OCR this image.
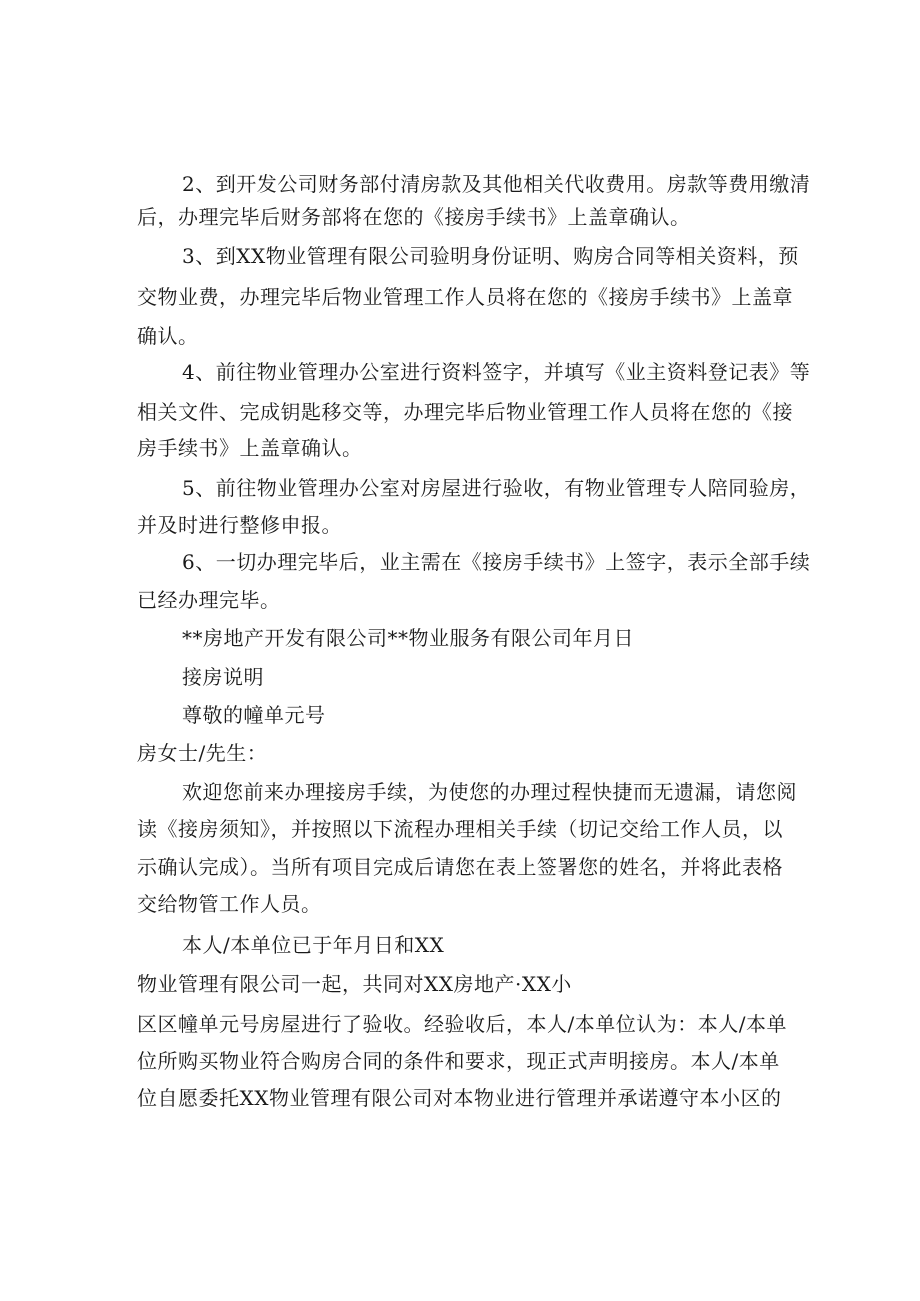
2、到开发公司财务部付清房款及其他相关代收费用。房款等费用缴清
后，办理完毕后财务部将在您的《接房手续书》上盖章确认。
3、到XX物业管理有限公司验明身份证明、购房合同等相关资料，预
交物业费，办理完毕后物业管理工作人员将在您的《接房手续书》上盖章
确认。
4、前往物业管理办公室进行资料签字，并填写《业主资料登记表》等
相关文件、完成钥匙移交等，办理完毕后物业管理工作人员将在您的《接
房手续书》上盖章确认。
5、前往物业管理办公室对房屋进行验收，有物业管理专人陪同验房，
并及时进行整修申报。
6、一切办理完毕后，业主需在《接房手续书》上签字，表示全部手续
已经办理完毕。
**房地产开发有限公司**物业服务有限公司年月日
接房说明
尊敬的幢单元号
房女士/先生：
欢迎您前来办理接房手续，为使您的办理过程快捷而无遗漏，请您阅
读《接房须知》，并按照以下流程办理相关手续（切记交给工作人员，以
示确认完成）。当所有项目完成后请您在表上签署您的姓名，并将此表格
交给物管工作人员。
本人/本单位已于年月日和XX
物业管理有限公司一起，共同对XX房地产·XX小
区区幢单元号房屋进行了验收。经验收后，本人/本单位认为：本人/本单
位所购买物业符合购房合同的条件和要求，现正式声明接房。本人/本单
位自愿委托XX物业管理有限公司对本物业进行管理并承诺遵守本小区的
